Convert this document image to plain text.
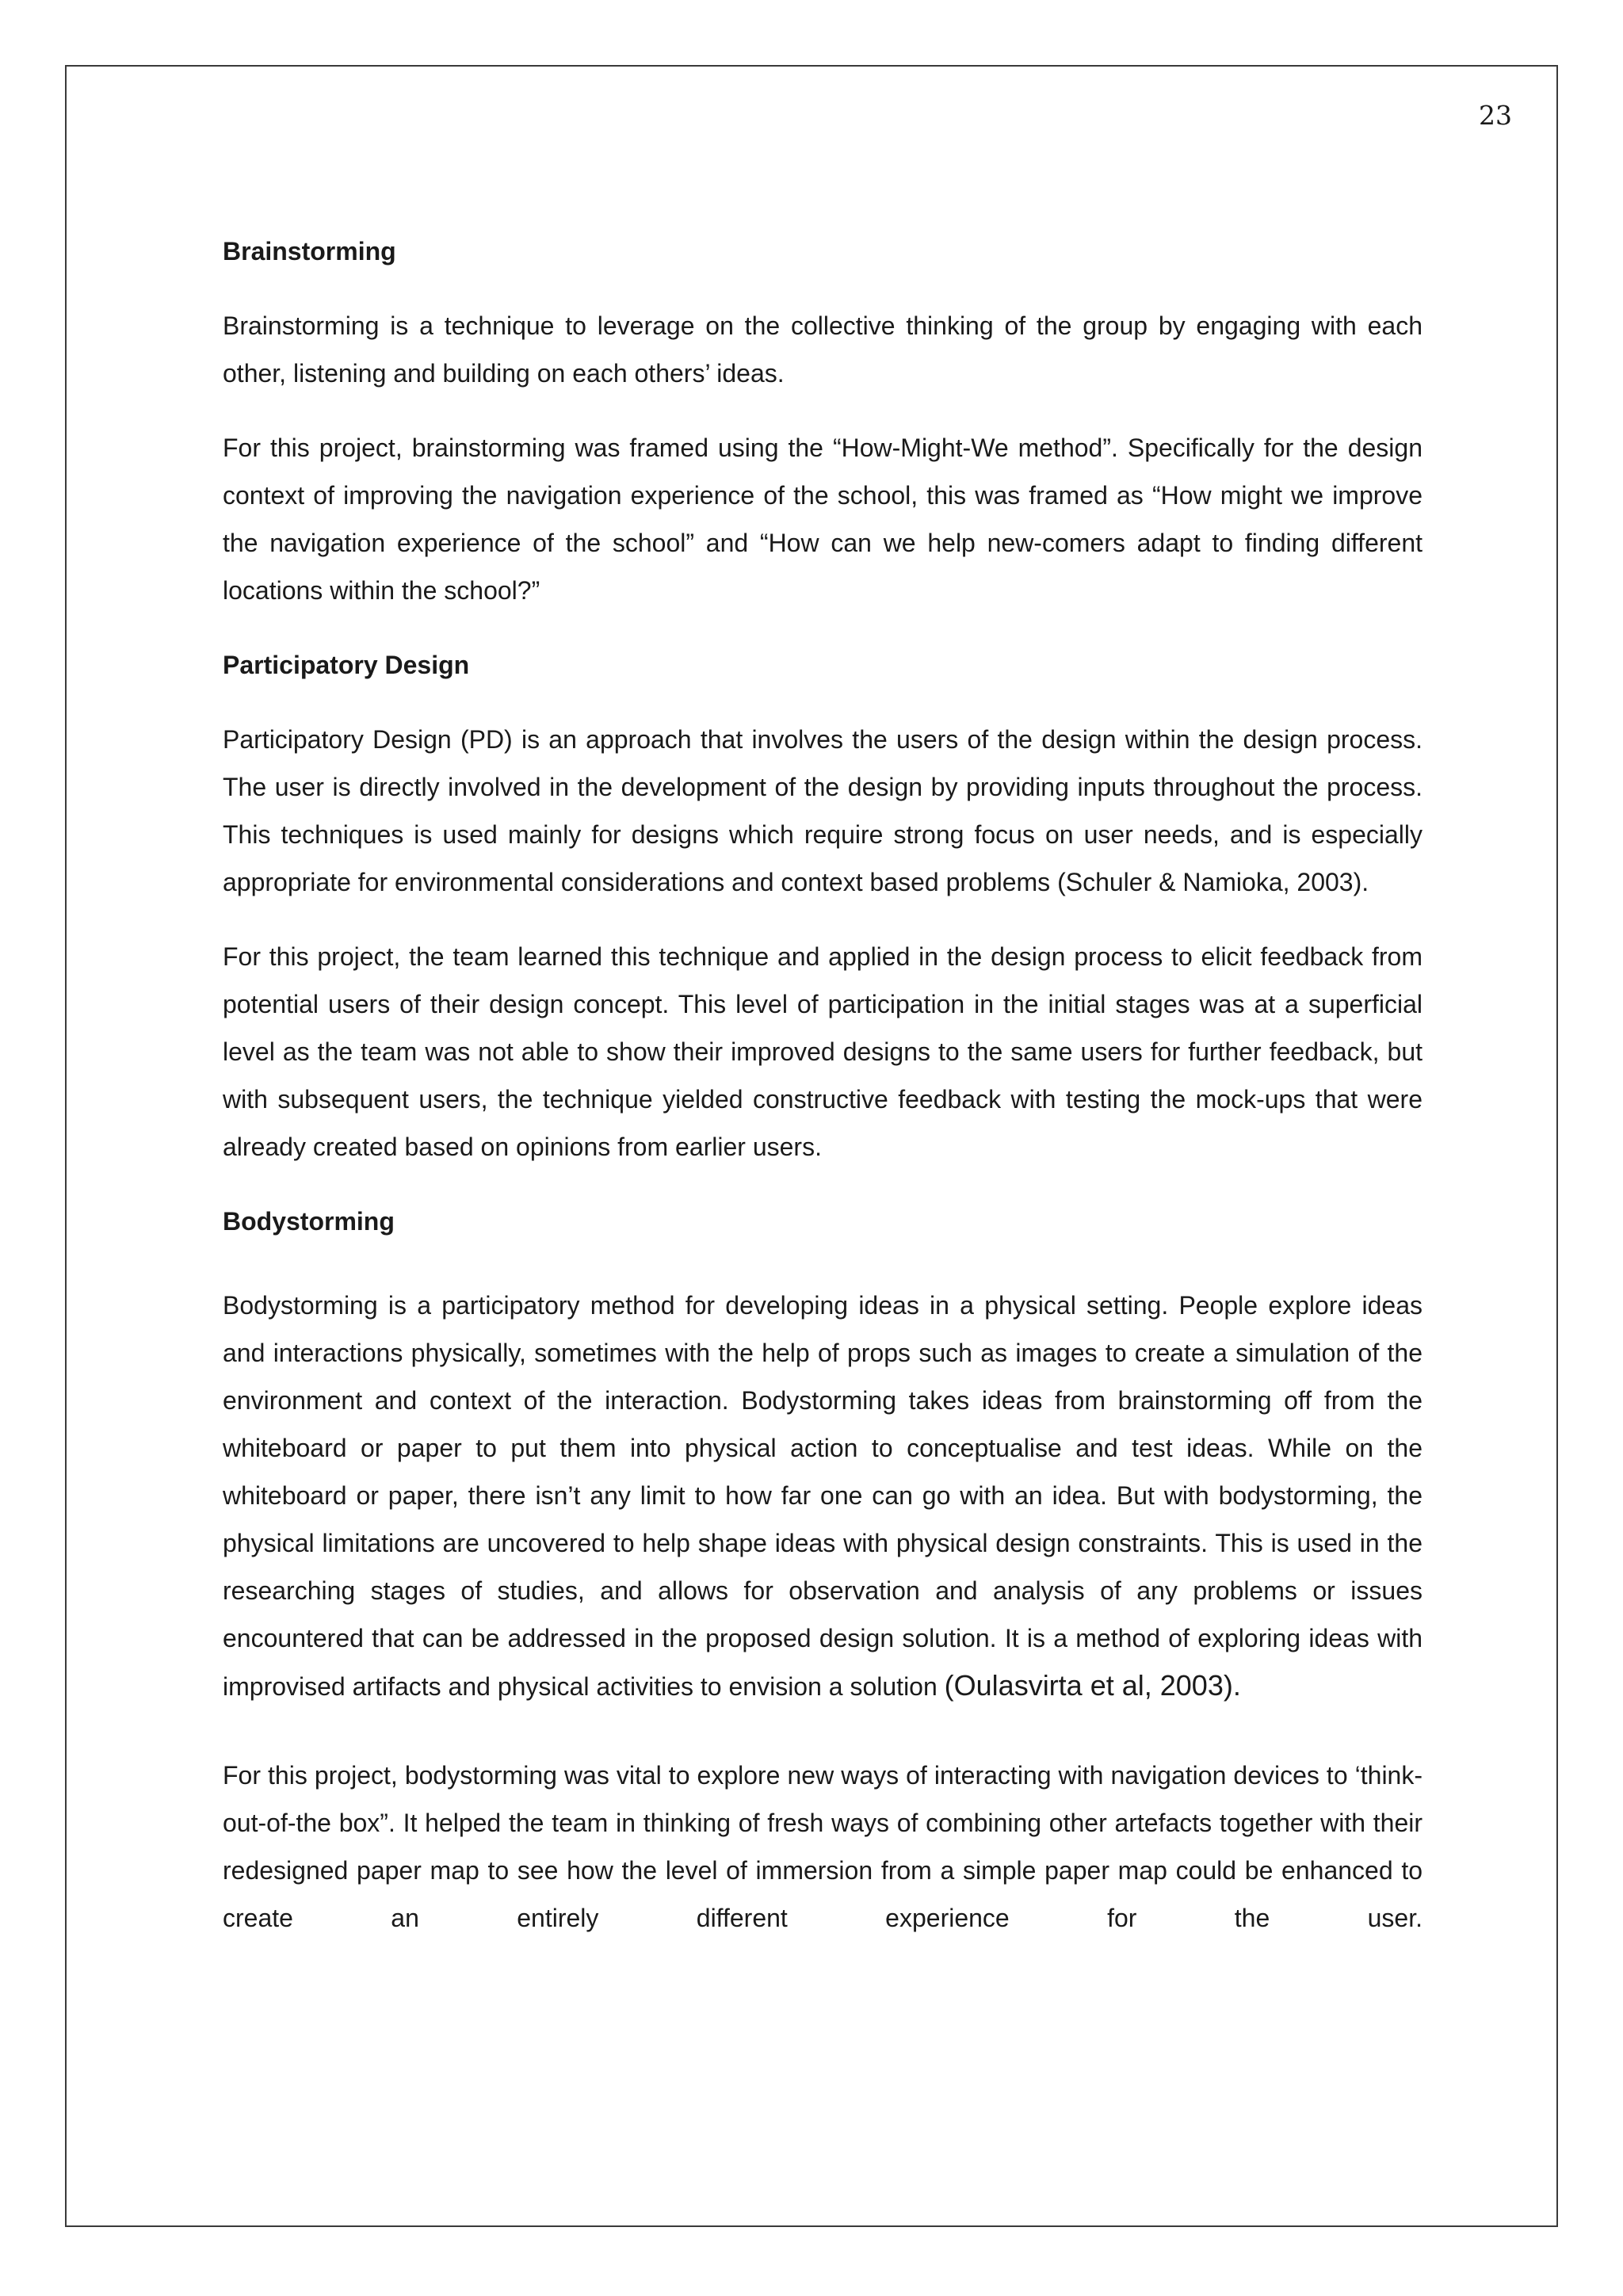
23
Brainstorming

Brainstorming is a technique to leverage on the collective thinking of the group by engaging with each other, listening and building on each others’ ideas.

For this project, brainstorming was framed using the “How-Might-We method”. Specifically for the design context of improving the navigation experience of the school, this was framed as “How might we improve the navigation experience of the school” and “How can we help new-comers adapt to finding different locations within the school?”

Participatory Design

Participatory Design (PD) is an approach that involves the users of the design within the design process. The user is directly involved in the development of the design by providing inputs throughout the process. This techniques is used mainly for designs which require strong focus on user needs, and is especially appropriate for environmental considerations and context based problems (Schuler & Namioka, 2003).

For this project, the team learned this technique and applied in the design process to elicit feedback from potential users of their design concept. This level of participation in the initial stages was at a superficial level as the team was not able to show their improved designs to the same users for further feedback, but with subsequent users, the technique yielded constructive feedback with testing the mock-ups that were already created based on opinions from earlier users.

Bodystorming

Bodystorming is a participatory method for developing ideas in a physical setting. People explore ideas and interactions physically, sometimes with the help of props such as images to create a simulation of the environment and context of the interaction. Bodystorming takes ideas from brainstorming off from the whiteboard or paper to put them into physical action to conceptualise and test ideas. While on the whiteboard or paper, there isn’t any limit to how far one can go with an idea. But with bodystorming, the physical limitations are uncovered to help shape ideas with physical design constraints. This is used in the researching stages of studies, and allows for observation and analysis of any problems or issues encountered that can be addressed in the proposed design solution. It is a method of exploring ideas with improvised artifacts and physical activities to envision a solution (Oulasvirta et al, 2003).

For this project, bodystorming was vital to explore new ways of interacting with navigation devices to ‘think-out-of-the box”. It helped the team in thinking of fresh ways of combining other artefacts together with their redesigned paper map to see how the level of immersion from a simple paper map could be enhanced to create an entirely different experience for the user.
